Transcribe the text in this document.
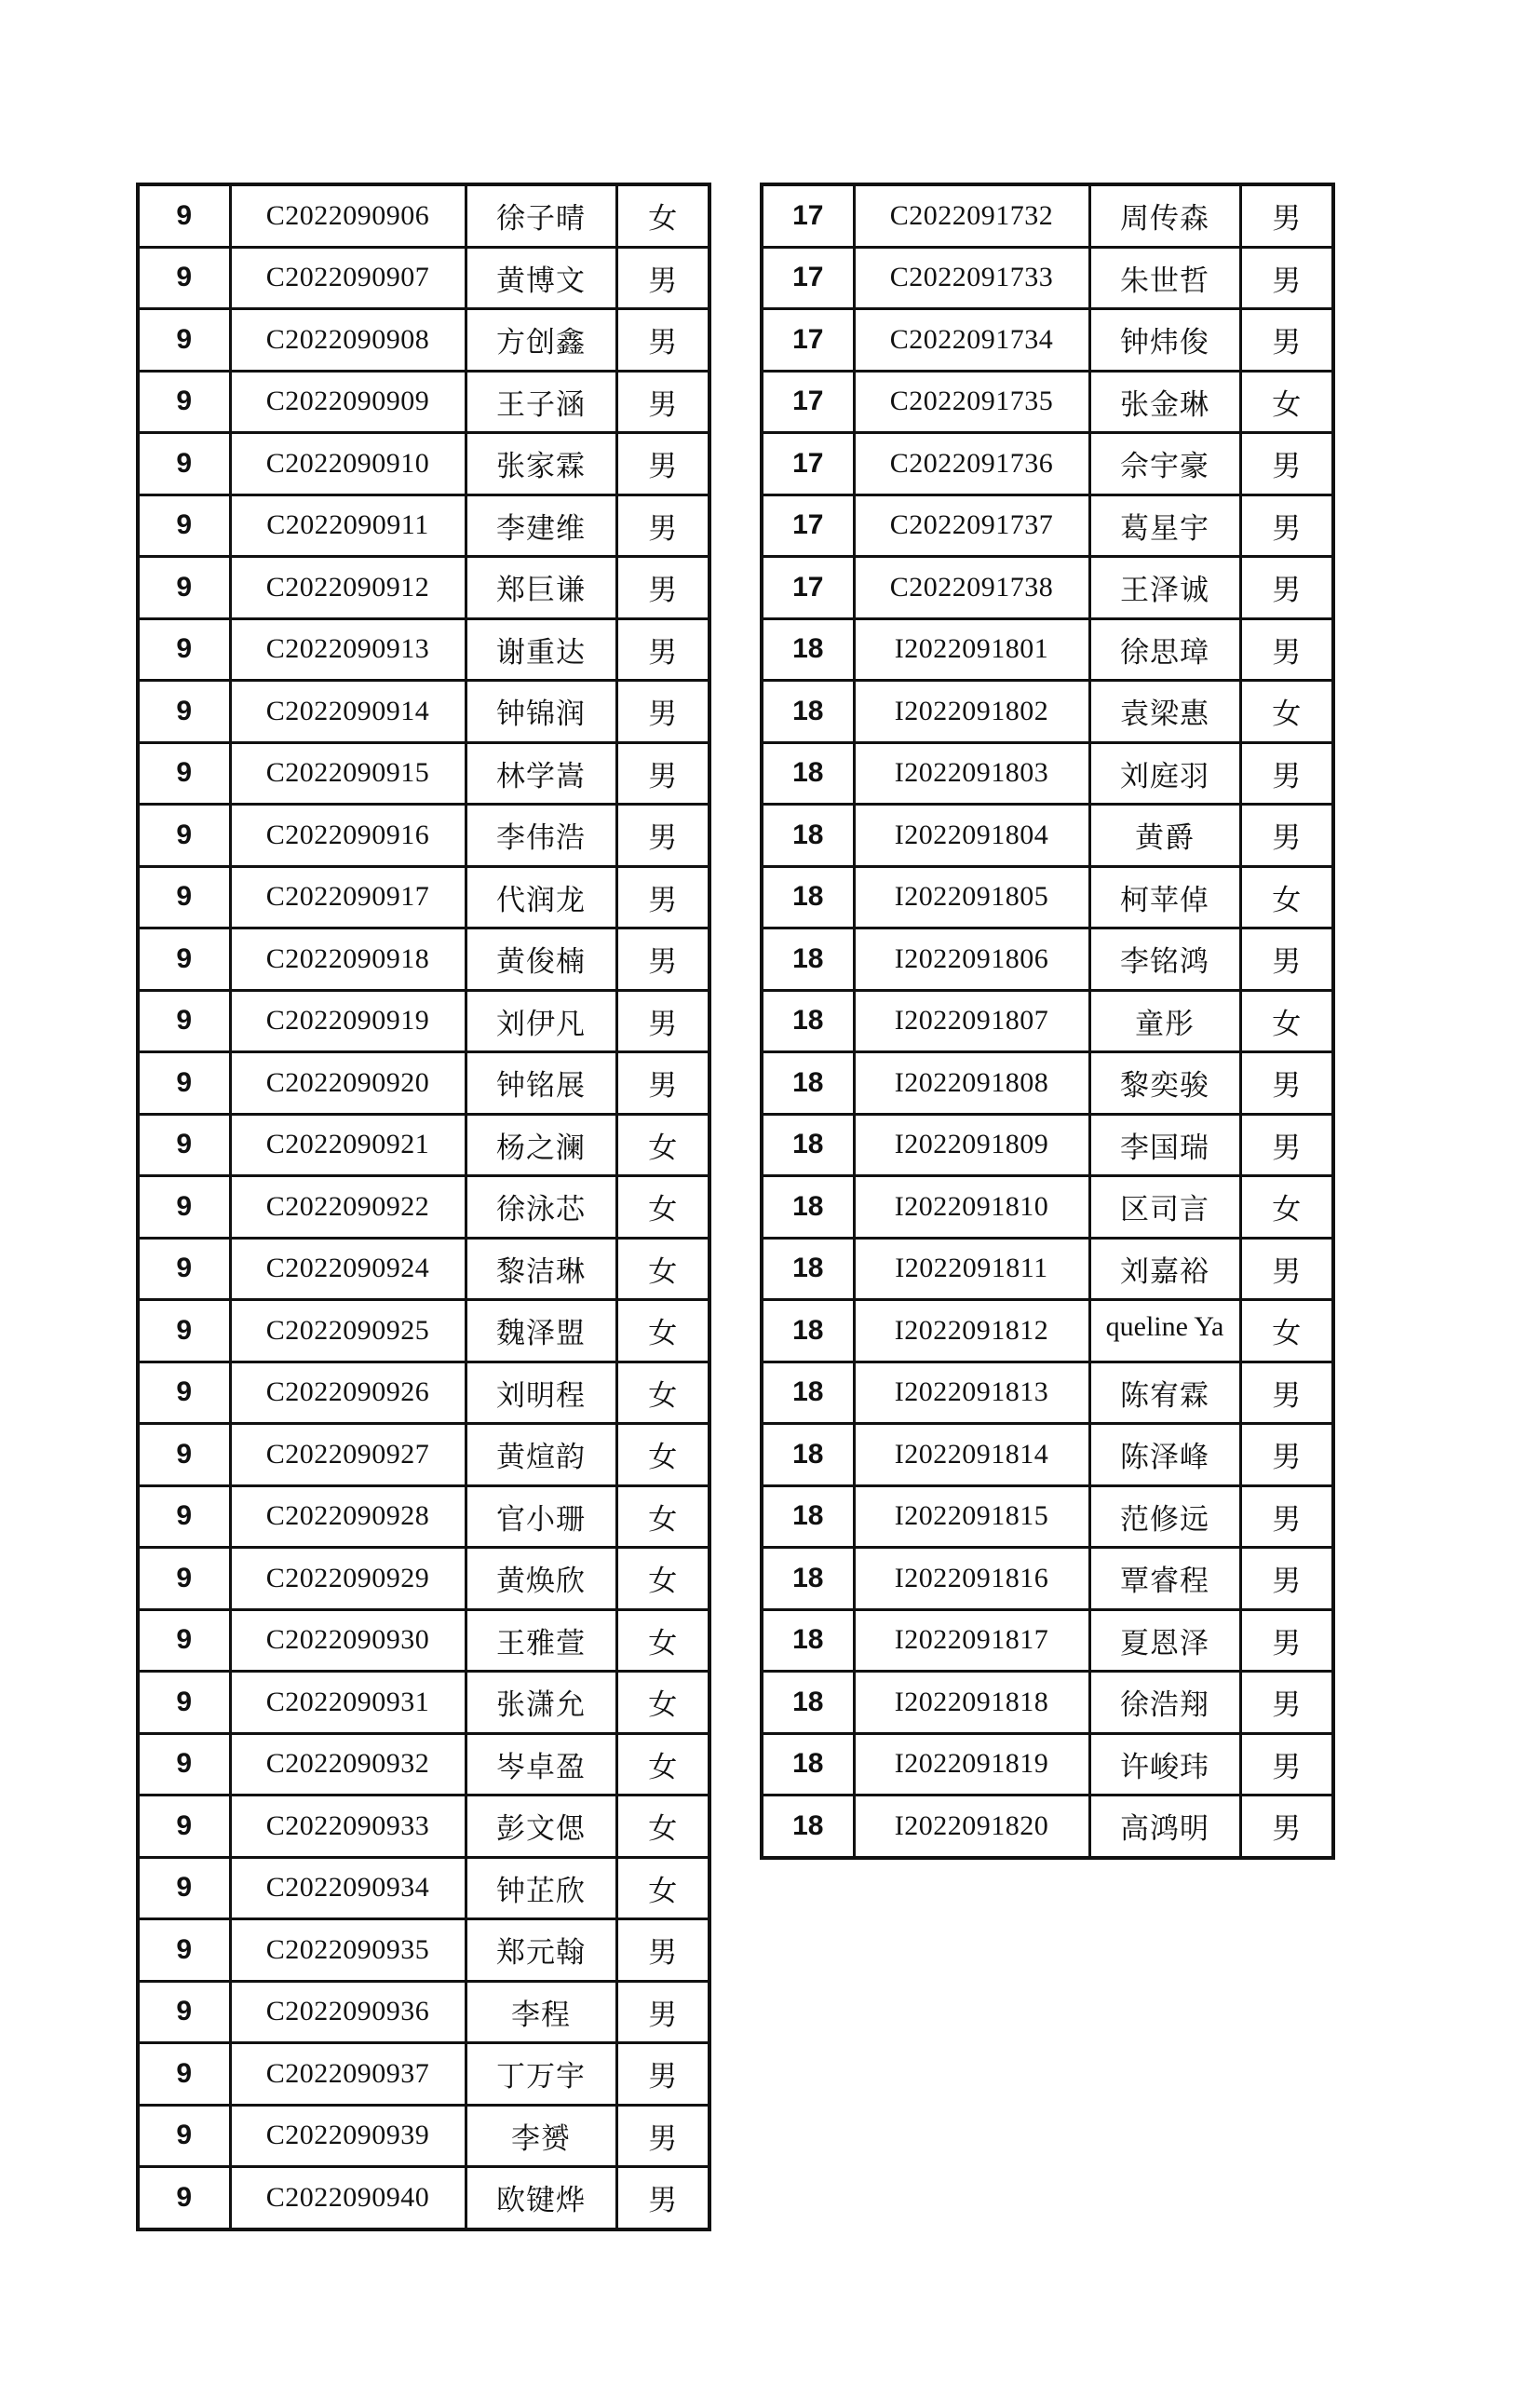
9	C2022090906	徐子晴	女
9	C2022090907	黄博文	男
9	C2022090908	方创鑫	男
9	C2022090909	王子涵	男
9	C2022090910	张家霖	男
9	C2022090911	李建维	男
9	C2022090912	郑巨谦	男
9	C2022090913	谢重达	男
9	C2022090914	钟锦润	男
9	C2022090915	林学嵩	男
9	C2022090916	李伟浩	男
9	C2022090917	代润龙	男
9	C2022090918	黄俊楠	男
9	C2022090919	刘伊凡	男
9	C2022090920	钟铭展	男
9	C2022090921	杨之澜	女
9	C2022090922	徐泳芯	女
9	C2022090924	黎洁琳	女
9	C2022090925	魏泽盟	女
9	C2022090926	刘明程	女
9	C2022090927	黄煊韵	女
9	C2022090928	官小珊	女
9	C2022090929	黄焕欣	女
9	C2022090930	王雅萱	女
9	C2022090931	张潇允	女
9	C2022090932	岑卓盈	女
9	C2022090933	彭文偲	女
9	C2022090934	钟芷欣	女
9	C2022090935	郑元翰	男
9	C2022090936	李程	男
9	C2022090937	丁万宇	男
9	C2022090939	李赟	男
9	C2022090940	欧键烨	男
17	C2022091732	周传森	男
17	C2022091733	朱世哲	男
17	C2022091734	钟炜俊	男
17	C2022091735	张金琳	女
17	C2022091736	佘宇豪	男
17	C2022091737	葛星宇	男
17	C2022091738	王泽诚	男
18	I2022091801	徐思璋	男
18	I2022091802	袁梁惠	女
18	I2022091803	刘庭羽	男
18	I2022091804	黄爵	男
18	I2022091805	柯苹倬	女
18	I2022091806	李铭鸿	男
18	I2022091807	童彤	女
18	I2022091808	黎奕骏	男
18	I2022091809	李国瑞	男
18	I2022091810	区司言	女
18	I2022091811	刘嘉裕	男
18	I2022091812	queline Ya	女
18	I2022091813	陈宥霖	男
18	I2022091814	陈泽峰	男
18	I2022091815	范修远	男
18	I2022091816	覃睿程	男
18	I2022091817	夏恩泽	男
18	I2022091818	徐浩翔	男
18	I2022091819	许峻玮	男
18	I2022091820	高鸿明	男
